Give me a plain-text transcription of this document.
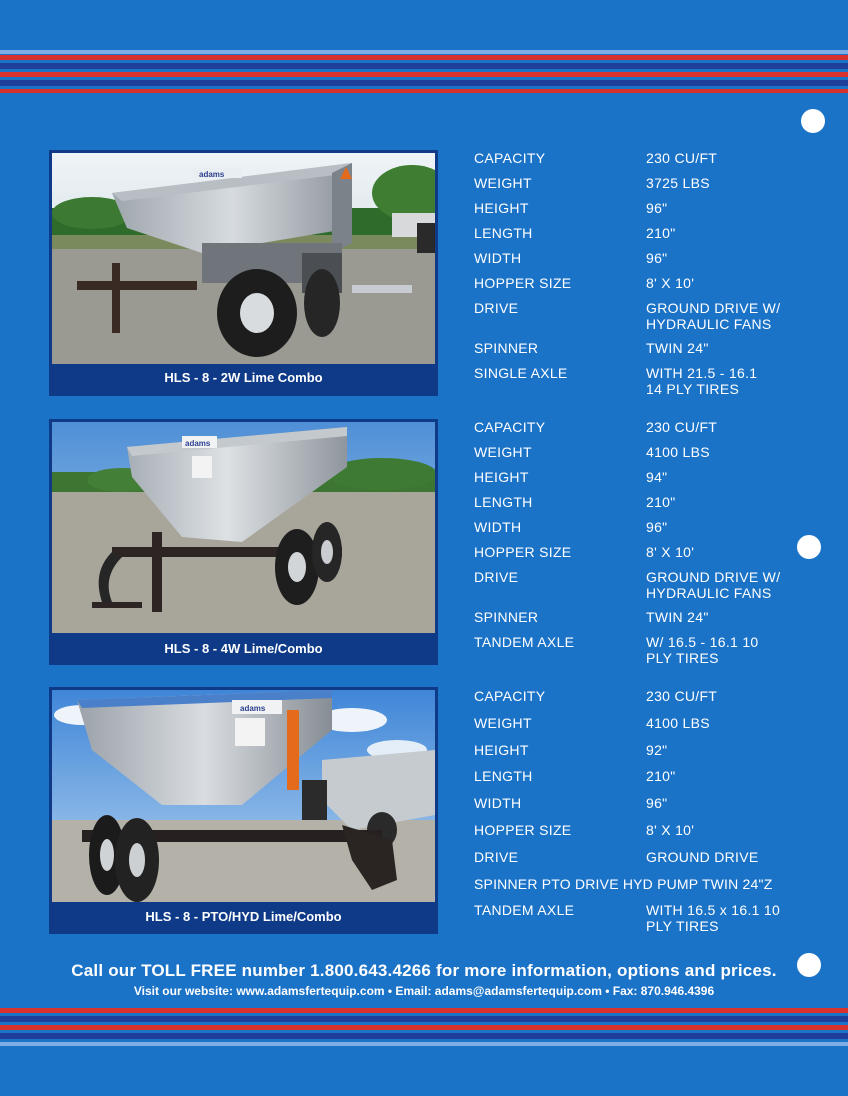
adams
HLS - 8 - 2W Lime Combo
CAPACITY	230 CU/FT
WEIGHT	3725 LBS
HEIGHT	96"
LENGTH	210"
WIDTH	96"
HOPPER SIZE	8' X 10'
DRIVE	GROUND DRIVE W/
HYDRAULIC FANS
SPINNER	TWIN 24"
SINGLE AXLE	WITH 21.5 - 16.1
14 PLY TIRES
adams
HLS - 8 - 4W Lime/Combo
CAPACITY	230 CU/FT
WEIGHT	4100 LBS
HEIGHT	94"
LENGTH	210"
WIDTH	96"
HOPPER SIZE	8' X 10'
DRIVE	GROUND DRIVE W/
HYDRAULIC FANS
SPINNER	TWIN 24"
TANDEM AXLE	W/ 16.5 - 16.1 10
PLY TIRES
adams
HLS - 8 - PTO/HYD Lime/Combo
CAPACITY	230 CU/FT
WEIGHT	4100 LBS
HEIGHT	92"
LENGTH	210"
WIDTH	96"
HOPPER SIZE	8' X 10'
DRIVE	GROUND DRIVE
SPINNER PTO DRIVE HYD PUMP TWIN 24"Z
TANDEM AXLE	WITH 16.5 x 16.1 10
PLY TIRES
Call our TOLL FREE number 1.800.643.4266 for more information, options and prices.
Visit our website: www.adamsfertequip.com • Email: adams@adamsfertequip.com • Fax: 870.946.4396
